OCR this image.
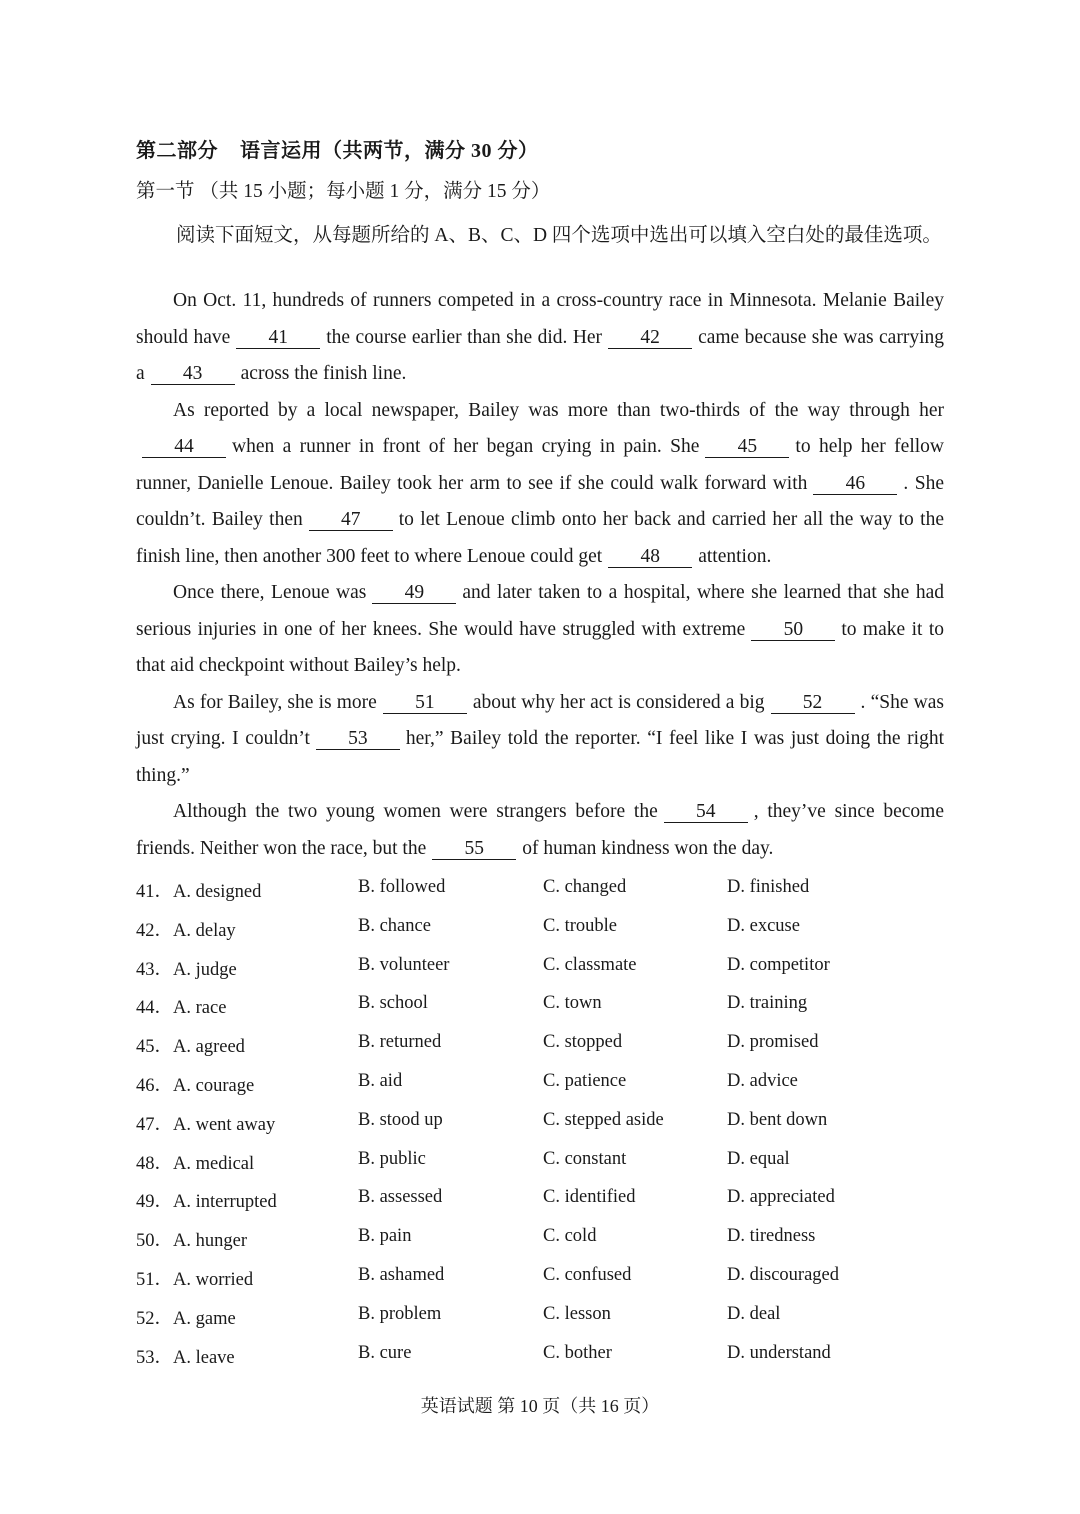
第二部分 语言运用（共两节，满分 30 分）
第一节 （共 15 小题；每小题 1 分，满分 15 分）
阅读下面短文，从每题所给的 A、B、C、D 四个选项中选出可以填入空白处的最佳选项。

On Oct. 11, hundreds of runners competed in a cross-country race in Minnesota. Melanie Bailey should have 41 the course earlier than she did. Her 42 came because she was carrying a 43 across the finish line.

As reported by a local newspaper, Bailey was more than two-thirds of the way through her 44 when a runner in front of her began crying in pain. She 45 to help her fellow runner, Danielle Lenoue. Bailey took her arm to see if she could walk forward with 46 . She couldn’t. Bailey then 47 to let Lenoue climb onto her back and carried her all the way to the finish line, then another 300 feet to where Lenoue could get 48 attention.

Once there, Lenoue was 49 and later taken to a hospital, where she learned that she had serious injuries in one of her knees. She would have struggled with extreme 50 to make it to that aid checkpoint without Bailey’s help.

As for Bailey, she is more 51 about why her act is considered a big 52 . “She was just crying. I couldn’t 53 her,” Bailey told the reporter. “I feel like I was just doing the right thing.”

Although the two young women were strangers before the 54 , they’ve since become friends. Neither won the race, but the 55 of human kindness won the day.

41．A. designed	B. followed	C. changed	D. finished
42．A. delay	B. chance	C. trouble	D. excuse
43．A. judge	B. volunteer	C. classmate	D. competitor
44．A. race	B. school	C. town	D. training
45．A. agreed	B. returned	C. stopped	D. promised
46．A. courage	B. aid	C. patience	D. advice
47．A. went away	B. stood up	C. stepped aside	D. bent down
48．A. medical	B. public	C. constant	D. equal
49．A. interrupted	B. assessed	C. identified	D. appreciated
50．A. hunger	B. pain	C. cold	D. tiredness
51．A. worried	B. ashamed	C. confused	D. discouraged
52．A. game	B. problem	C. lesson	D. deal
53．A. leave	B. cure	C. bother	D. understand
英语试题 第 10 页（共 16 页）
